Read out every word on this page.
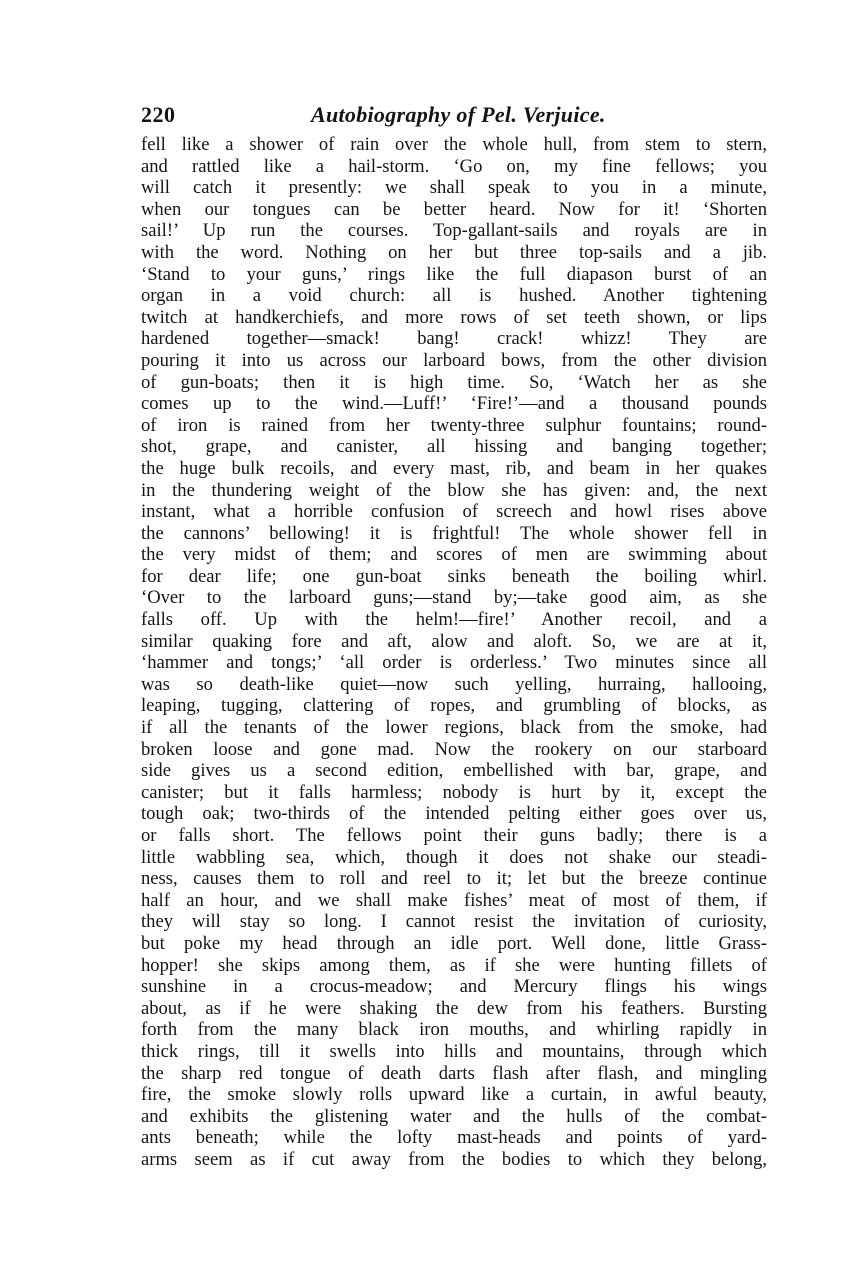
220	Autobiography of Pel. Verjuice.
fell like a shower of rain over the whole hull, from stem to stern,
and rattled like a hail-storm. ‘Go on, my fine fellows; you
will catch it presently: we shall speak to you in a minute,
when our tongues can be better heard. Now for it! ‘Shorten
sail!’ Up run the courses. Top-gallant-sails and royals are in
with the word. Nothing on her but three top-sails and a jib.
‘Stand to your guns,’ rings like the full diapason burst of an
organ in a void church: all is hushed. Another tightening
twitch at handkerchiefs, and more rows of set teeth shown, or lips
hardened together—smack! bang! crack! whizz! They are
pouring it into us across our larboard bows, from the other division
of gun-boats; then it is high time. So, ‘Watch her as she
comes up to the wind.—Luff!’ ‘Fire!’—and a thousand pounds
of iron is rained from her twenty-three sulphur fountains; round-
shot, grape, and canister, all hissing and banging together;
the huge bulk recoils, and every mast, rib, and beam in her quakes
in the thundering weight of the blow she has given: and, the next
instant, what a horrible confusion of screech and howl rises above
the cannons’ bellowing! it is frightful! The whole shower fell in
the very midst of them; and scores of men are swimming about
for dear life; one gun-boat sinks beneath the boiling whirl.
‘Over to the larboard guns;—stand by;—take good aim, as she
falls off. Up with the helm!—fire!’ Another recoil, and a
similar quaking fore and aft, alow and aloft. So, we are at it,
‘hammer and tongs;’ ‘all order is orderless.’ Two minutes since all
was so death-like quiet—now such yelling, hurraing, hallooing,
leaping, tugging, clattering of ropes, and grumbling of blocks, as
if all the tenants of the lower regions, black from the smoke, had
broken loose and gone mad. Now the rookery on our starboard
side gives us a second edition, embellished with bar, grape, and
canister; but it falls harmless; nobody is hurt by it, except the
tough oak; two-thirds of the intended pelting either goes over us,
or falls short. The fellows point their guns badly; there is a
little wabbling sea, which, though it does not shake our steadi-
ness, causes them to roll and reel to it; let but the breeze continue
half an hour, and we shall make fishes’ meat of most of them, if
they will stay so long. I cannot resist the invitation of curiosity,
but poke my head through an idle port. Well done, little Grass-
hopper! she skips among them, as if she were hunting fillets of
sunshine in a crocus-meadow; and Mercury flings his wings
about, as if he were shaking the dew from his feathers. Bursting
forth from the many black iron mouths, and whirling rapidly in
thick rings, till it swells into hills and mountains, through which
the sharp red tongue of death darts flash after flash, and mingling
fire, the smoke slowly rolls upward like a curtain, in awful beauty,
and exhibits the glistening water and the hulls of the combat-
ants beneath; while the lofty mast-heads and points of yard-
arms seem as if cut away from the bodies to which they belong,
